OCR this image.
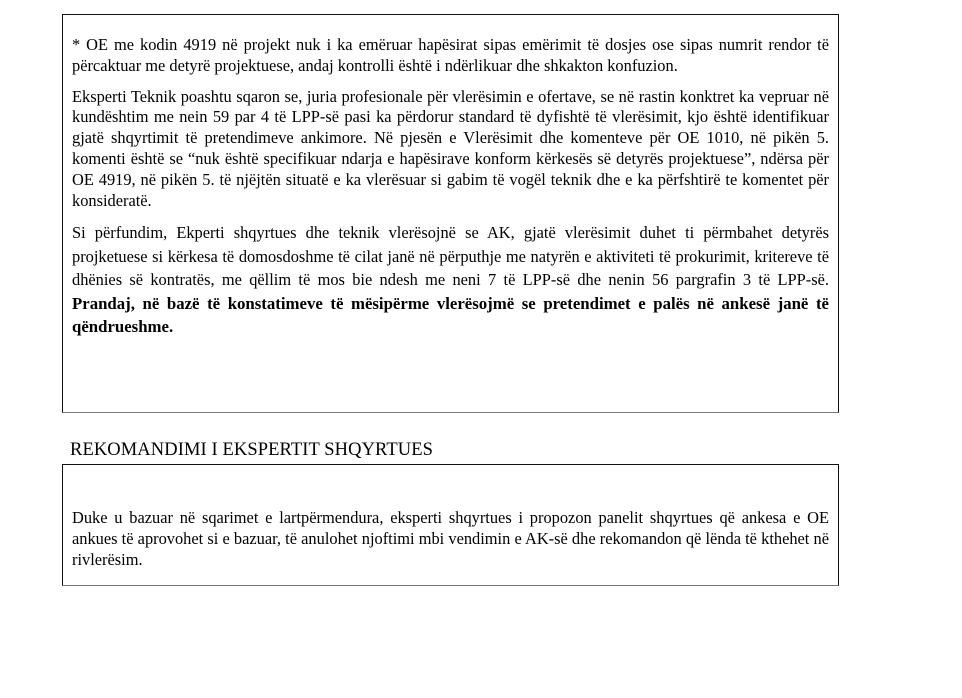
* OE me kodin 4919 në projekt nuk i ka emëruar hapësirat sipas emërimit të dosjes ose sipas numrit rendor të përcaktuar me detyrë projektuese, andaj kontrolli është i ndërlikuar dhe shkakton konfuzion.

Eksperti Teknik poashtu sqaron se, juria profesionale për vlerësimin e ofertave, se në rastin konktret ka vepruar në kundështim me nein 59 par 4 të LPP-së pasi ka përdorur standard të dyfishtë të vlerësimit, kjo është identifikuar gjatë shqyrtimit të pretendimeve ankimore. Në pjesën e Vlerësimit dhe komenteve për OE 1010, në pikën 5. komenti është se “nuk është specifikuar ndarja e hapësirave konform kërkesës së detyrës projektuese”, ndërsa për OE 4919, në pikën 5. të njëjtën situatë e ka vlerësuar si gabim të vogël teknik dhe e ka përfshtirë te komentet për konsideratë.

Si përfundim, Ekperti shqyrtues dhe teknik vlerësojnë se AK, gjatë vlerësimit duhet ti përmbahet detyrës projketuese si kërkesa të domosdoshme të cilat janë në përputhje me natyrën e aktiviteti të prokurimit, kritereve të dhënies së kontratës, me qëllim të mos bie ndesh me neni 7 të LPP-së dhe nenin 56 pargrafin 3 të LPP-së. Prandaj, në bazë të konstatimeve të mësipërme vlerësojmë se pretendimet e palës në ankesë janë të qëndrueshme.

REKOMANDIMI I EKSPERTIT SHQYRTUES

Duke u bazuar në sqarimet e lartpërmendura, eksperti shqyrtues i propozon panelit shqyrtues që ankesa e OE ankues të aprovohet si e bazuar, të anulohet njoftimi mbi vendimin e AK-së dhe rekomandon që lënda të kthehet në rivlerësim.
